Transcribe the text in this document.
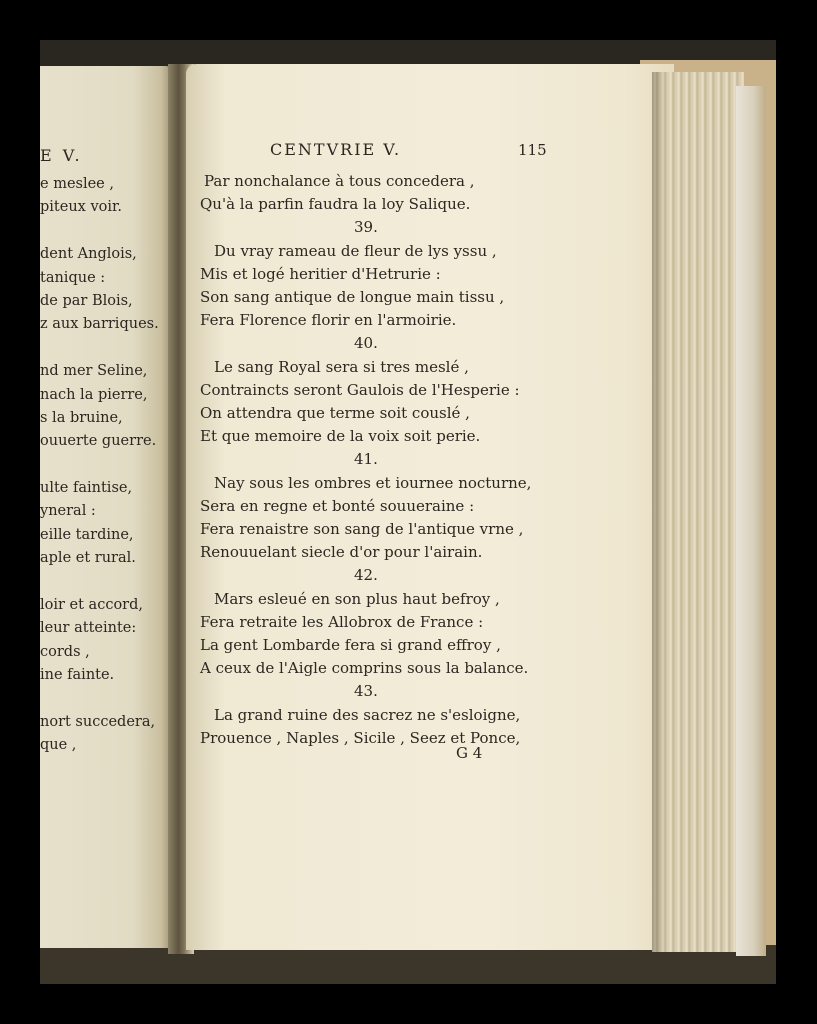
E V.
e meslee ,
piteux voir.

dent Anglois,
tanique :
de par Blois,
z aux barriques.

nd mer Seline,
nach la pierre,
s la bruine,
ouuerte guerre.

ulte faintise,
yneral :
eille tardine,
aple et rural.

loir et accord,
leur atteinte:
cords ,
ine fainte.

nort succedera,
que ,
CENTVRIE V.	115
Par nonchalance à tous concedera ,
Qu'à la parfin faudra la loy Salique.
39.
Du vray rameau de fleur de lys yssu ,
Mis et logé heritier d'Hetrurie :
Son sang antique de longue main tissu ,
Fera Florence florir en l'armoirie.
40.
Le sang Royal sera si tres meslé ,
Contraincts seront Gaulois de l'Hesperie :
On attendra que terme soit couslé ,
Et que memoire de la voix soit perie.
41.
Nay sous les ombres et iournee nocturne,
Sera en regne et bonté souueraine :
Fera renaistre son sang de l'antique vrne ,
Renouuelant siecle d'or pour l'airain.
42.
Mars esleué en son plus haut befroy ,
Fera retraite les Allobrox de France :
La gent Lombarde fera si grand effroy ,
A ceux de l'Aigle comprins sous la balance.
43.
La grand ruine des sacrez ne s'esloigne,
Prouence , Naples , Sicile , Seez et Ponce,
G 4
